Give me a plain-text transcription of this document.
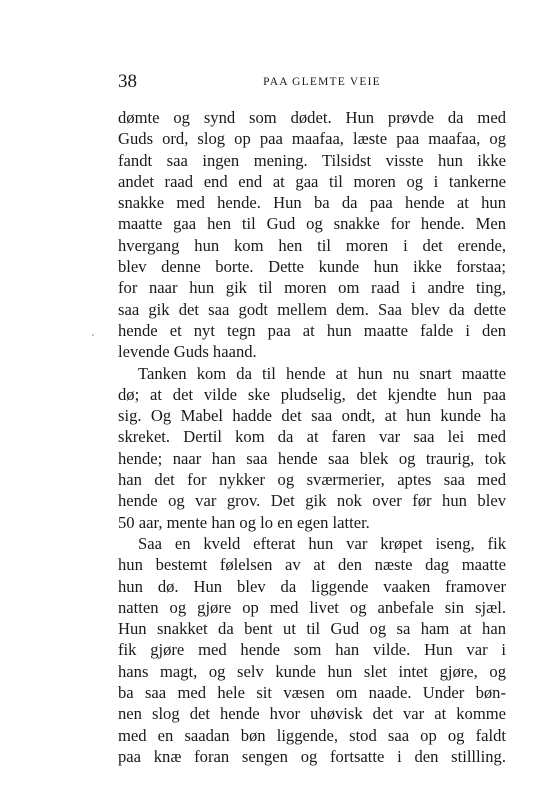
38	PAA GLEMTE VEIE
dømte og synd som dødet. Hun prøvde da med
Guds ord, slog op paa maafaa, læste paa maafaa, og
fandt saa ingen mening. Tilsidst visste hun ikke
andet raad end end at gaa til moren og i tankerne
snakke med hende. Hun ba da paa hende at hun
maatte gaa hen til Gud og snakke for hende. Men
hvergang hun kom hen til moren i det erende,
blev denne borte. Dette kunde hun ikke forstaa;
for naar hun gik til moren om raad i andre ting,
saa gik det saa godt mellem dem. Saa blev da dette
hende et nyt tegn paa at hun maatte falde i den
levende Guds haand.
Tanken kom da til hende at hun nu snart maatte
dø; at det vilde ske pludselig, det kjendte hun paa
sig. Og Mabel hadde det saa ondt, at hun kunde ha
skreket. Dertil kom da at faren var saa lei med
hende; naar han saa hende saa blek og traurig, tok
han det for nykker og sværmerier, aptes saa med
hende og var grov. Det gik nok over før hun blev
50 aar, mente han og lo en egen latter.
Saa en kveld efterat hun var krøpet iseng, fik
hun bestemt følelsen av at den næste dag maatte
hun dø. Hun blev da liggende vaaken framover
natten og gjøre op med livet og anbefale sin sjæl.
Hun snakket da bent ut til Gud og sa ham at han
fik gjøre med hende som han vilde. Hun var i
hans magt, og selv kunde hun slet intet gjøre, og
ba saa med hele sit væsen om naade. Under bøn-
nen slog det hende hvor uhøvisk det var at komme
med en saadan bøn liggende, stod saa op og faldt
paa knæ foran sengen og fortsatte i den stillling.
